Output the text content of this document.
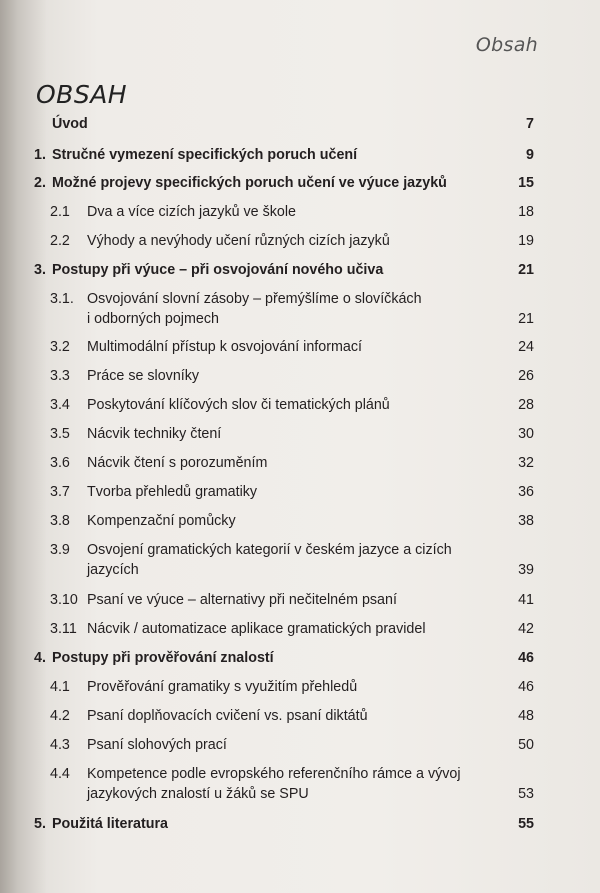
Obsah
OBSAH
Úvod	7
1. Stručné vymezení specifických poruch učení	9
2. Možné projevy specifických poruch učení ve výuce jazyků	15
2.1 Dva a více cizích jazyků ve škole	18
2.2 Výhody a nevýhody učení různých cizích jazyků	19
3. Postupy při výuce – při osvojování nového učiva	21
3.1. Osvojování slovní zásoby – přemýšlíme o slovíčkách
i odborných pojmech	21
3.2 Multimodální přístup k osvojování informací	24
3.3 Práce se slovníky	26
3.4 Poskytování klíčových slov či tematických plánů	28
3.5 Nácvik techniky čtení	30
3.6 Nácvik čtení s porozuměním	32
3.7 Tvorba přehledů gramatiky	36
3.8 Kompenzační pomůcky	38
3.9 Osvojení gramatických kategorií v českém jazyce a cizích
jazycích	39
3.10 Psaní ve výuce – alternativy při nečitelném psaní	41
3.11 Nácvik / automatizace aplikace gramatických pravidel	42
4. Postupy při prověřování znalostí	46
4.1 Prověřování gramatiky s využitím přehledů	46
4.2 Psaní doplňovacích cvičení vs. psaní diktátů	48
4.3 Psaní slohových prací	50
4.4 Kompetence podle evropského referenčního rámce a vývoj
jazykových znalostí u žáků se SPU	53
5. Použitá literatura	55
